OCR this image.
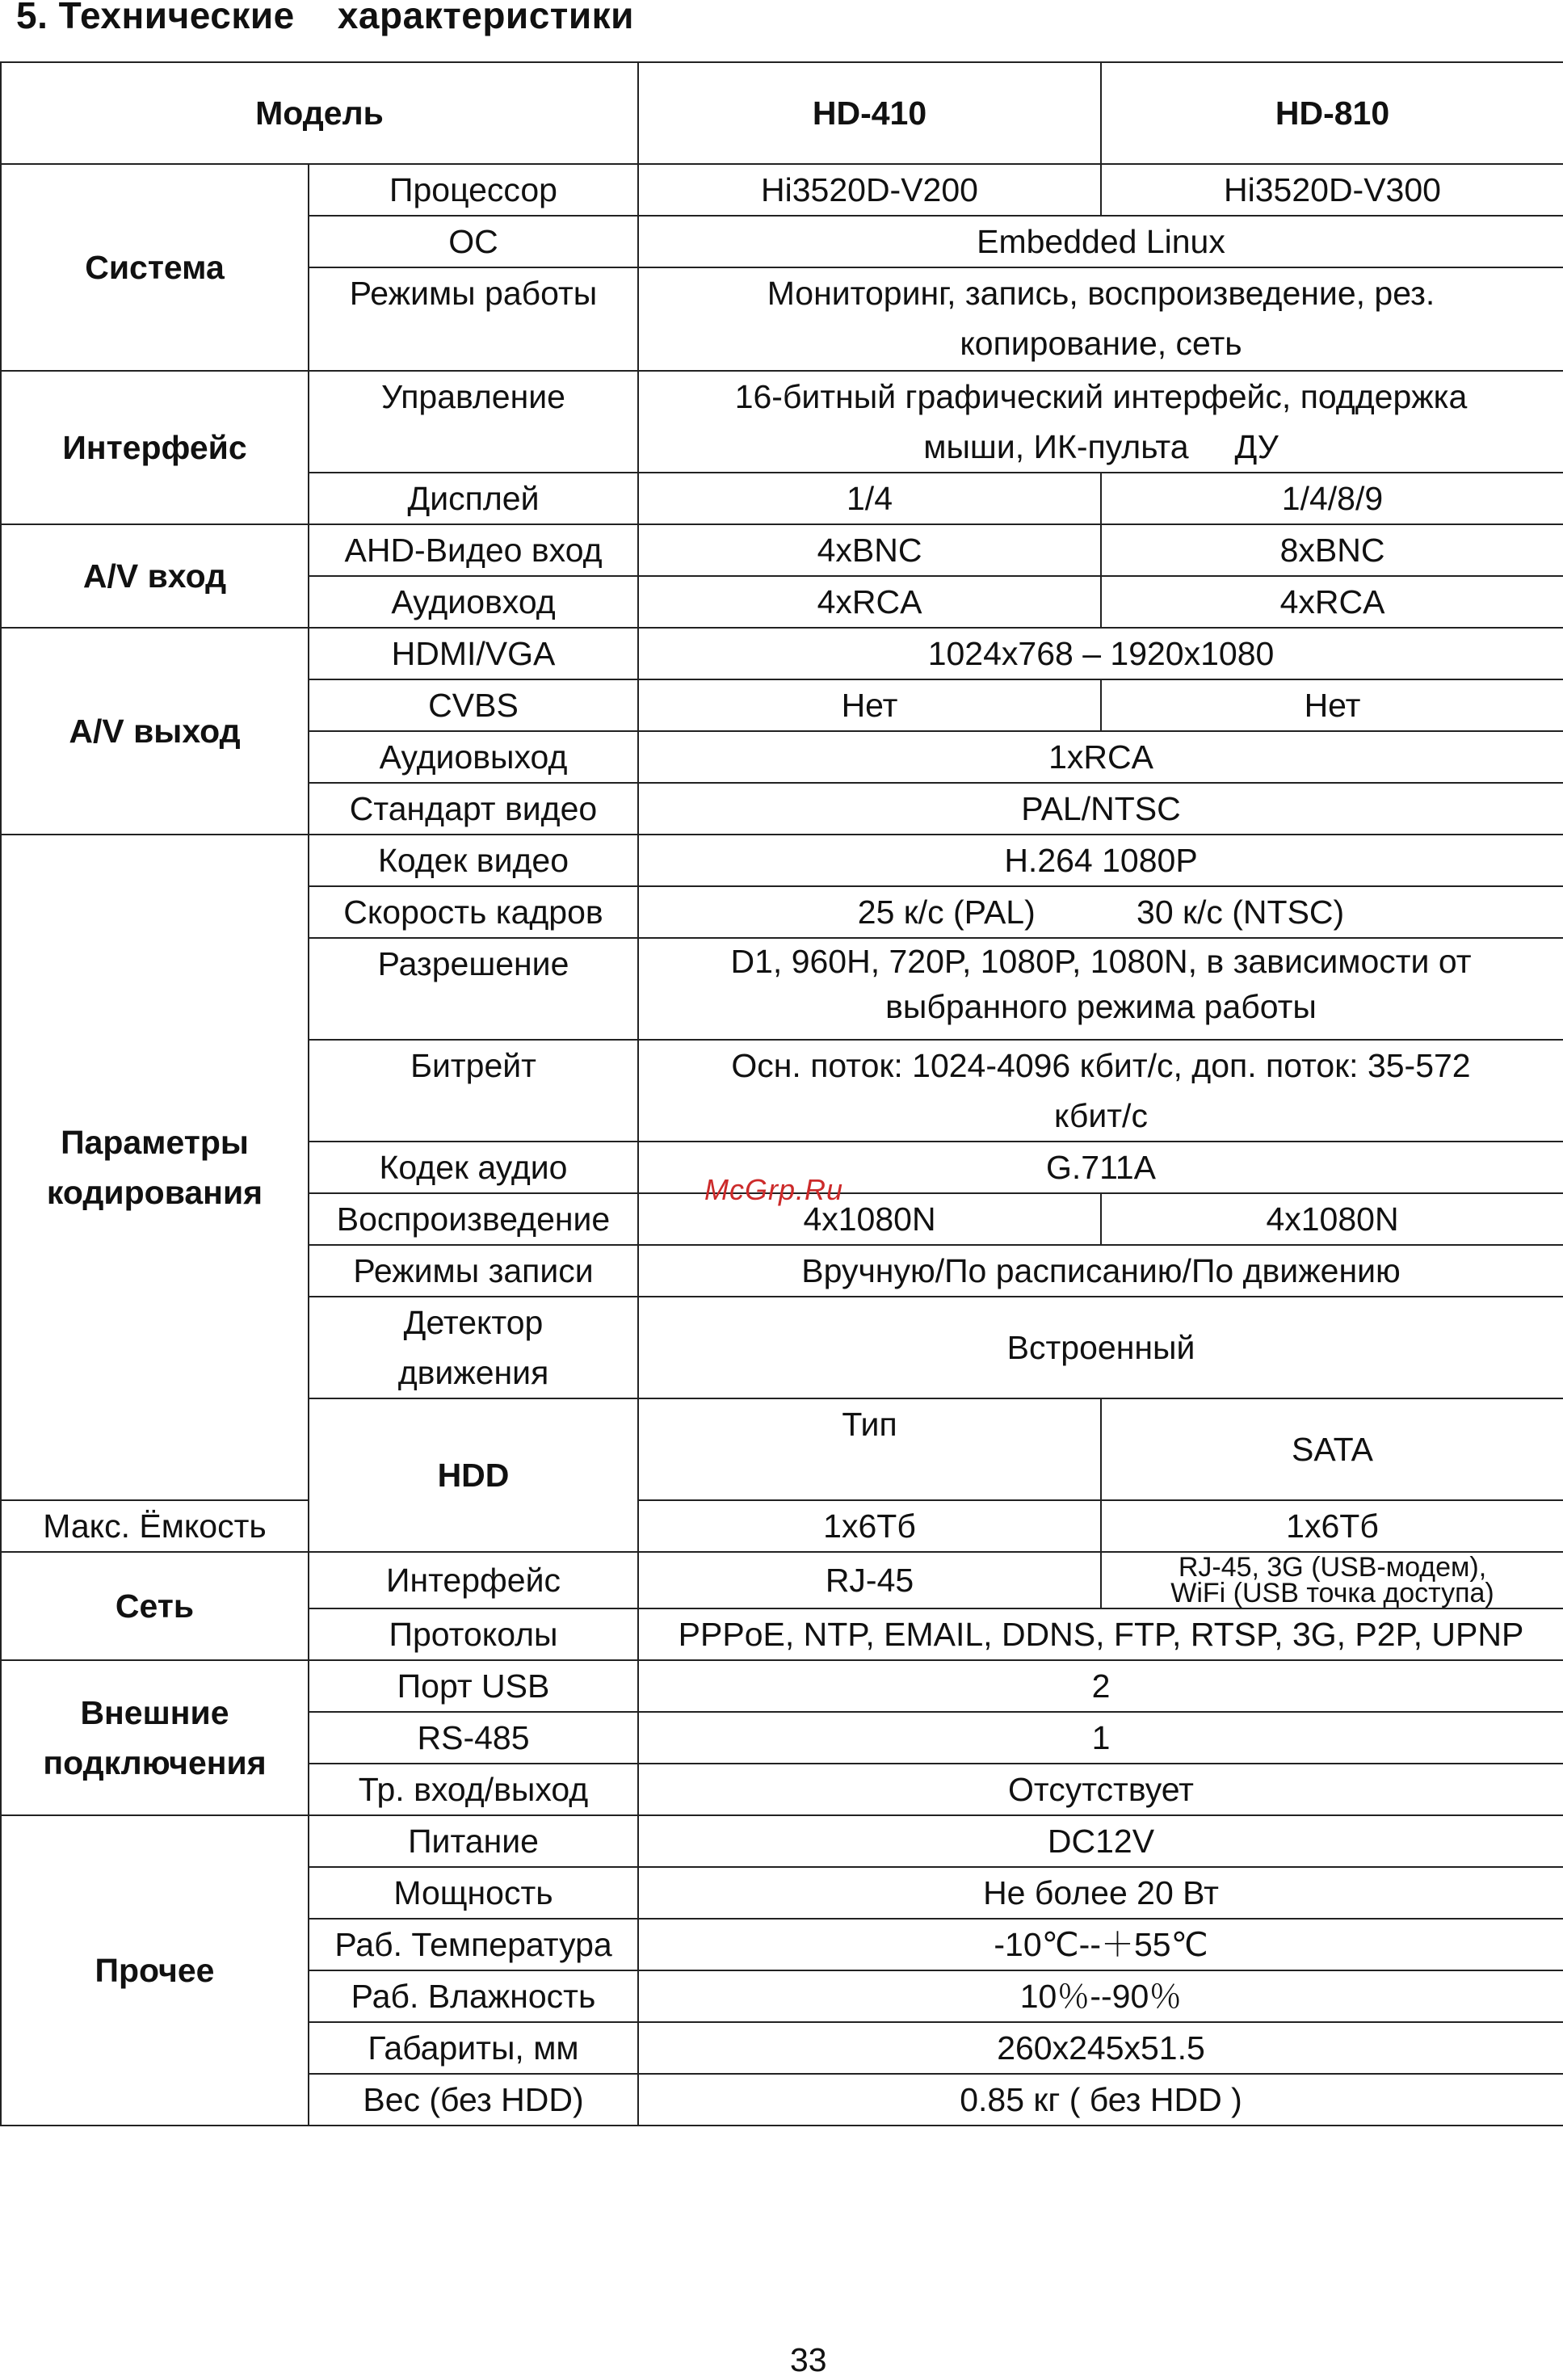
5. Технические    характеристики
Модель		HD-410	HD-810	
Система	Процессор	Hi3520D-V200	Hi3520D-V300	
	ОС	Embedded Linux		
	Режимы работы	Мониторинг, запись, воспроизведение, рез.
копирование, сеть		

Интерфейс	Управление	16-битный графический интерфейс, поддержка
мыши, ИК-пульта     ДУ		

	Дисплей	1/4	1/4/8/9	
A/V вход	AHD-Видео вход	4xBNC	8xBNC	
	Аудиовход	4xRCA	4xRCA	
A/V выход	HDMI/VGA	1024x768 – 1920x1080		
	CVBS	Нет	Нет	
	Аудиовыход	1xRCA		
	Стандарт видео	PAL/NTSC		

Параметры
кодирования	Кодек видео	H.264 1080P		
	Скорость кадров	25 к/с (PAL)           30 к/с (NTSC)		
	Разрешение	D1, 960H, 720P, 1080P, 1080N, в зависимости от
выбранного режима работы		

	Битрейт	Осн. поток: 1024-4096 кбит/с, доп. поток: 35-572
кбит/с		

	Кодек аудио	G.711A		
	Воспроизведение	4x1080N	4x1080N	
	Режимы записи	Вручную/По расписанию/По движению		

	Детектор
движения	Встроенный		
	HDD	Тип	SATA	
Макс. Ёмкость		1x6Тб	1x6Тб	
Сеть	Интерфейс	RJ-45	RJ-45, 3G (USB-модем),
WiFi (USB точка доступа)	

	Протоколы	PPPoE, NTP, EMAIL, DDNS, FTP, RTSP, 3G, P2P, UPNP		

Внешние
подключения	Порт USB	2		
	RS-485	1		
	Тр. вход/выход	Отсутствует		
Прочее	Питание	DC12V		
	Мощность	Не более 20 Вт		
	Раб. Температура	-10℃--＋55℃		
	Раб. Влажность	10％--90％		
	Габариты, мм	260x245x51.5		
	Вес (без HDD)	0.85 кг ( без HDD )		
McGrp.Ru
33
